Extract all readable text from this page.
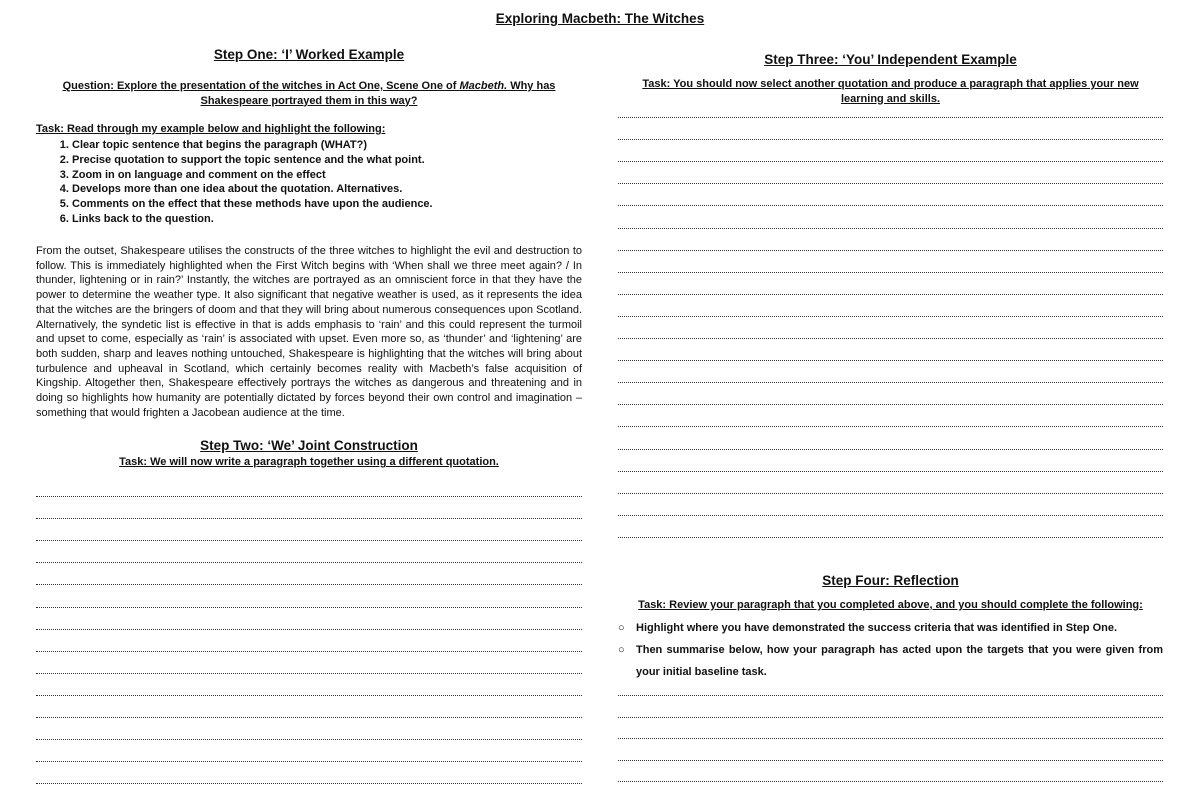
Exploring Macbeth: The Witches
Step One: ‘I’ Worked Example
Question: Explore the presentation of the witches in Act One, Scene One of Macbeth. Why has Shakespeare portrayed them in this way?
Task: Read through my example below and highlight the following:
1. Clear topic sentence that begins the paragraph (WHAT?)
2. Precise quotation to support the topic sentence and the what point.
3. Zoom in on language and comment on the effect
4. Develops more than one idea about the quotation. Alternatives.
5. Comments on the effect that these methods have upon the audience.
6. Links back to the question.

From the outset, Shakespeare utilises the constructs of the three witches to highlight the evil and destruction to follow. This is immediately highlighted when the First Witch begins with ‘When shall we three meet again? / In thunder, lightening or in rain?’ Instantly, the witches are portrayed as an omniscient force in that they have the power to determine the weather type. It also significant that negative weather is used, as it represents the idea that the witches are the bringers of doom and that they will bring about numerous consequences upon Scotland. Alternatively, the syndetic list is effective in that is adds emphasis to ‘rain’ and this could represent the turmoil and upset to come, especially as ‘rain’ is associated with upset. Even more so, as ‘thunder’ and ‘lightening’ are both sudden, sharp and leaves nothing untouched, Shakespeare is highlighting that the witches will bring about turbulence and upheaval in Scotland, which certainly becomes reality with Macbeth’s false acquisition of Kingship. Altogether then, Shakespeare effectively portrays the witches as dangerous and threatening and in doing so highlights how humanity are potentially dictated by forces beyond their own control and imagination – something that would frighten a Jacobean audience at the time.

Step Two: ‘We’ Joint Construction
Task: We will now write a paragraph together using a different quotation.
Step Three: ‘You’ Independent Example
Task: You should now select another quotation and produce a paragraph that applies your new learning and skills.
Step Four: Reflection
Task: Review your paragraph that you completed above, and you should complete the following:
○ Highlight where you have demonstrated the success criteria that was identified in Step One.
○ Then summarise below, how your paragraph has acted upon the targets that you were given from your initial baseline task.
